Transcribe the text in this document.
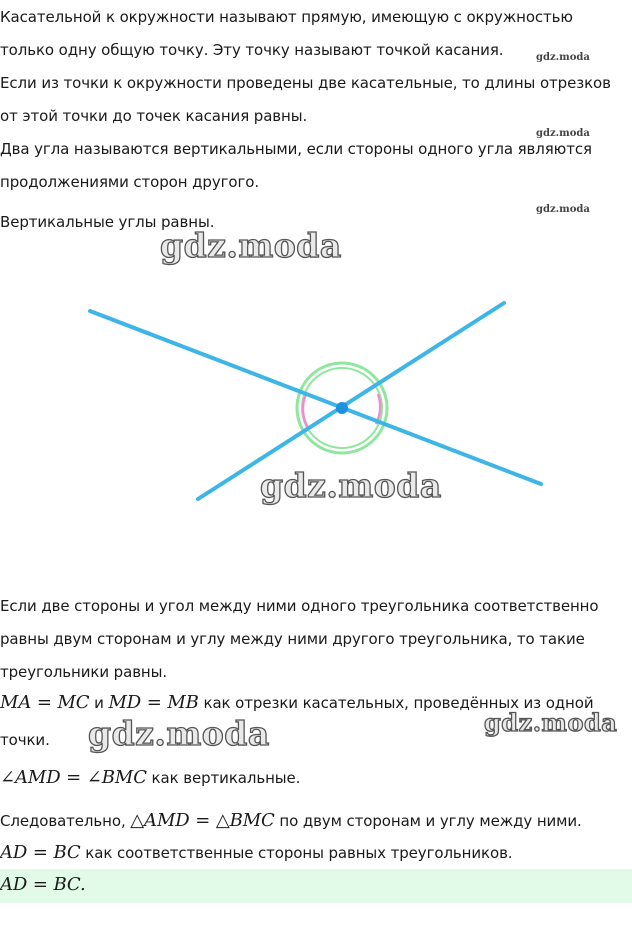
Касательной к окружности называют прямую, имеющую с окружностью
только одну общую точку. Эту точку называют точкой касания.
Если из точки к окружности проведены две касательные, то длины отрезков
от этой точки до точек касания равны.
Два угла называются вертикальными, если стороны одного угла являются
продолжениями сторон другого.
Вертикальные углы равны.
gdz.moda
gdz.moda
gdz.moda
gdz.moda
gdz.moda
gdz.moda	gdz.moda
Если две стороны и угол между ними одного треугольника соответственно
равны двум сторонам и углу между ними другого треугольника, то такие
треугольники равны.
MA = MC и MD = MB как отрезки касательных, проведённых из одной
точки.
∠AMD = ∠BMC как вертикальные.
Следовательно, △AMD = △BMC по двум сторонам и углу между ними.
AD = BC как соответственные стороны равных треугольников.
AD = BC.
